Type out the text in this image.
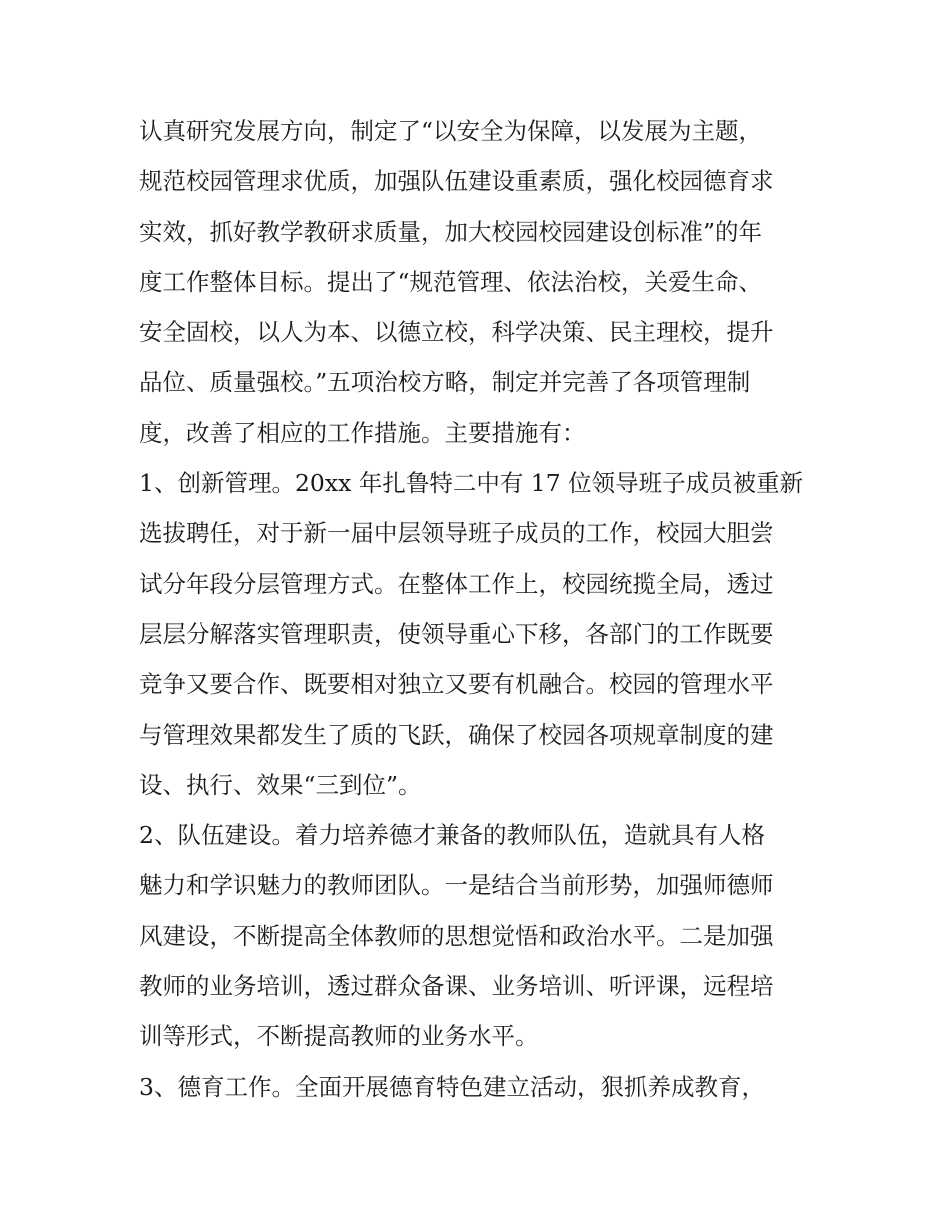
认真研究发展方向，制定了“以安全为保障，以发展为主题，
规范校园管理求优质，加强队伍建设重素质，强化校园德育求
实效，抓好教学教研求质量，加大校园校园建设创标准”的年
度工作整体目标。提出了“规范管理、依法治校，关爱生命、
安全固校，以人为本、以德立校，科学决策、民主理校，提升
品位、质量强校。”五项治校方略，制定并完善了各项管理制
度，改善了相应的工作措施。主要措施有：
1、创新管理。20xx 年扎鲁特二中有 17 位领导班子成员被重新
选拔聘任，对于新一届中层领导班子成员的工作，校园大胆尝
试分年段分层管理方式。在整体工作上，校园统揽全局，透过
层层分解落实管理职责，使领导重心下移，各部门的工作既要
竞争又要合作、既要相对独立又要有机融合。校园的管理水平
与管理效果都发生了质的飞跃，确保了校园各项规章制度的建
设、执行、效果“三到位”。
2、队伍建设。着力培养德才兼备的教师队伍，造就具有人格
魅力和学识魅力的教师团队。一是结合当前形势，加强师德师
风建设，不断提高全体教师的思想觉悟和政治水平。二是加强
教师的业务培训，透过群众备课、业务培训、听评课，远程培
训等形式，不断提高教师的业务水平。
3、德育工作。全面开展德育特色建立活动，狠抓养成教育，
